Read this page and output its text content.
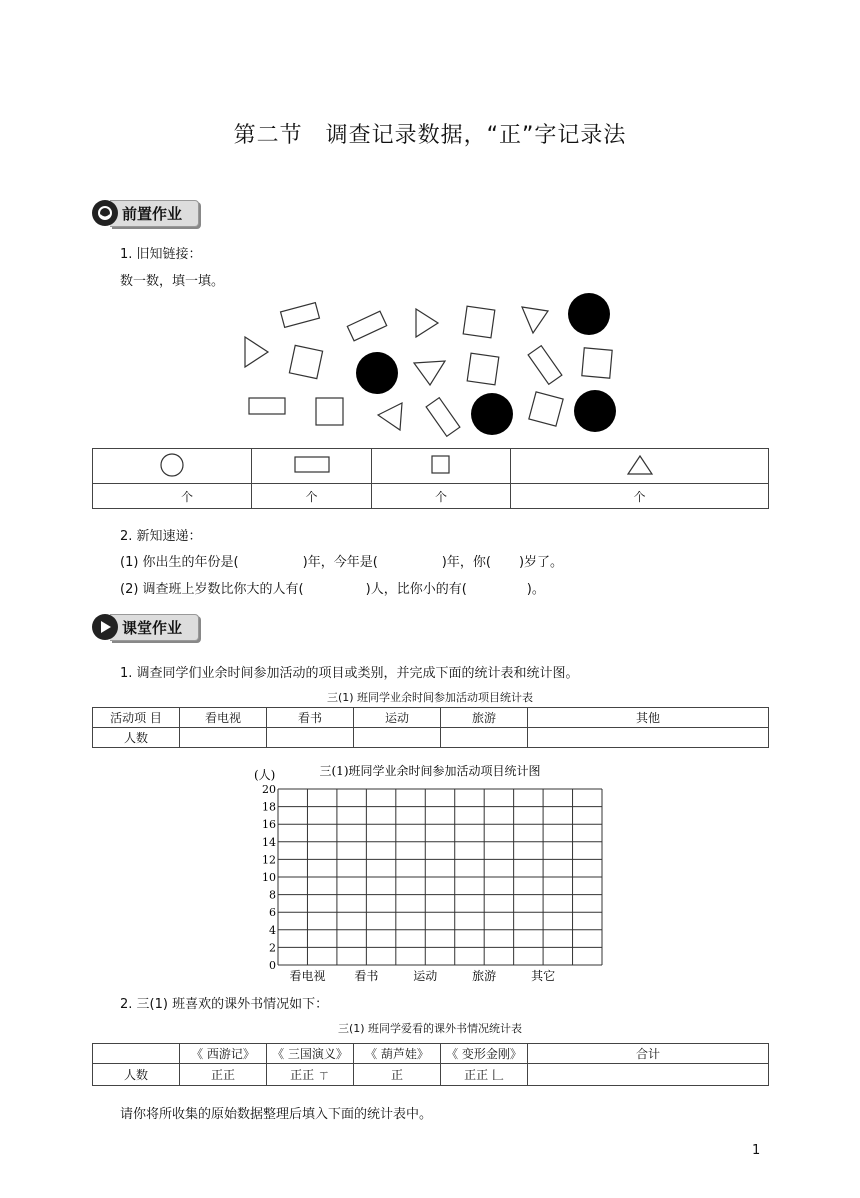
第二节　调查记录数据，“正”字记录法
前置作业
1. 旧知链接：
数一数，填一填。

个	个	个	个
2. 新知速递：
(1) 你出生的年份是(	)年，今年是(	)年，你( )岁了。
(2) 调查班上岁数比你大的人有(	)人，比你小的有(	)。
课堂作业
1. 调查同学们业余时间参加活动的项目或类别，并完成下面的统计表和统计图。
三(1) 班同学业余时间参加活动项目统计表
活动项 目	看电视	看书	运动	旅游	其他
人数					
三(1)班同学业余时间参加活动项目统计图
(人)
0
2
4
6
8
10
12
14
16
18
20
看电视 看书	运动	旅游	其它
2. 三(1) 班喜欢的课外书情况如下：
三(1) 班同学爱看的课外书情况统计表
	《 西游记》	《 三国演义》	《 葫芦娃》	《 变形金刚》	合计
人数	正正	正正 ㄒ	正	正正 𠃊	
请你将所收集的原始数据整理后填入下面的统计表中。
1
